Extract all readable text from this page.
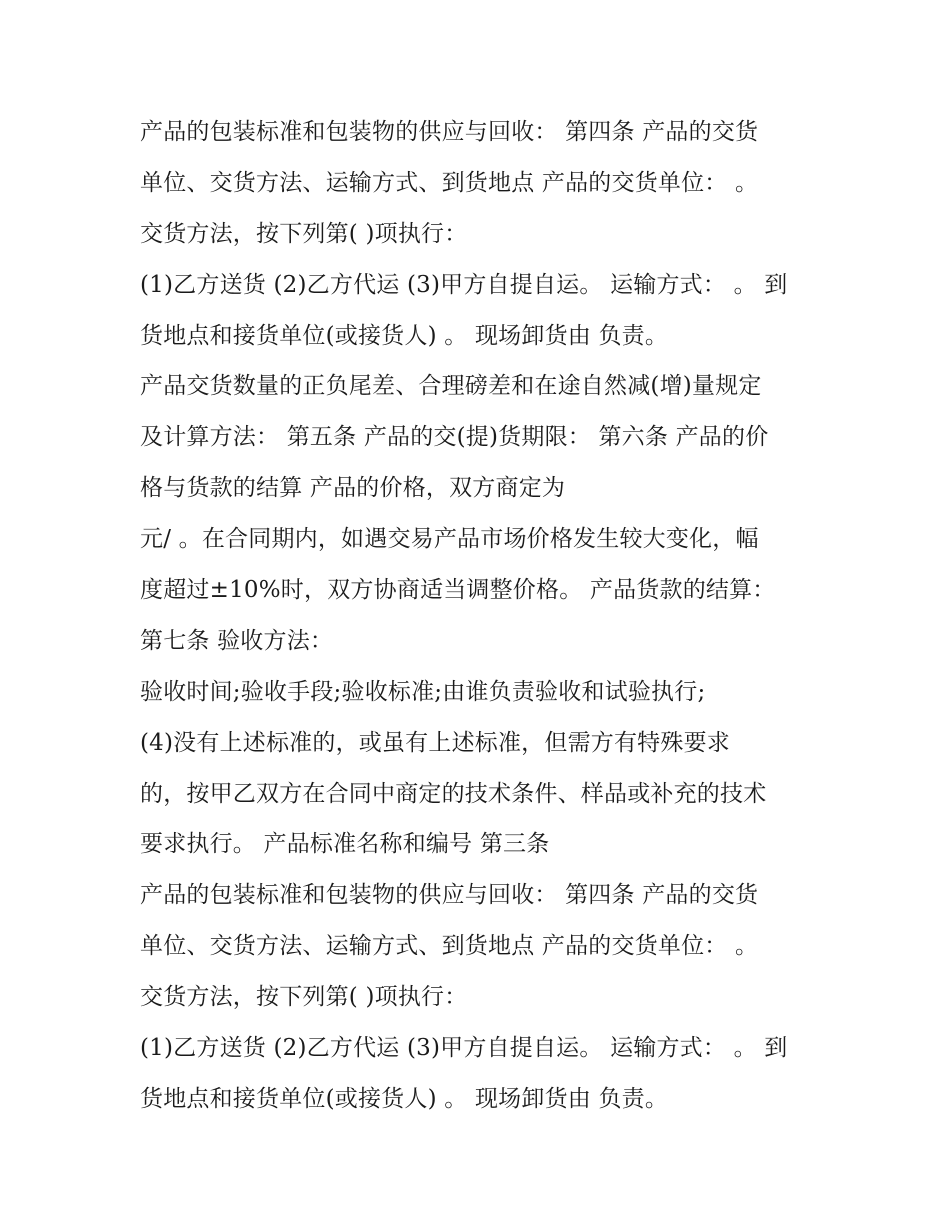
产品的包装标准和包装物的供应与回收： 第四条 产品的交货
单位、交货方法、运输方式、到货地点 产品的交货单位： 。
交货方法，按下列第( )项执行：
(1)乙方送货 (2)乙方代运 (3)甲方自提自运。 运输方式： 。 到
货地点和接货单位(或接货人) 。 现场卸货由 负责。
产品交货数量的正负尾差、合理磅差和在途自然减(增)量规定
及计算方法： 第五条 产品的交(提)货期限： 第六条 产品的价
格与货款的结算 产品的价格，双方商定为
元/ 。在合同期内，如遇交易产品市场价格发生较大变化，幅
度超过±10%时，双方协商适当调整价格。 产品货款的结算：
第七条 验收方法：
验收时间;验收手段;验收标准;由谁负责验收和试验执行;
(4)没有上述标准的，或虽有上述标准，但需方有特殊要求
的，按甲乙双方在合同中商定的技术条件、样品或补充的技术
要求执行。 产品标准名称和编号 第三条
产品的包装标准和包装物的供应与回收： 第四条 产品的交货
单位、交货方法、运输方式、到货地点 产品的交货单位： 。
交货方法，按下列第( )项执行：
(1)乙方送货 (2)乙方代运 (3)甲方自提自运。 运输方式： 。 到
货地点和接货单位(或接货人) 。 现场卸货由 负责。
